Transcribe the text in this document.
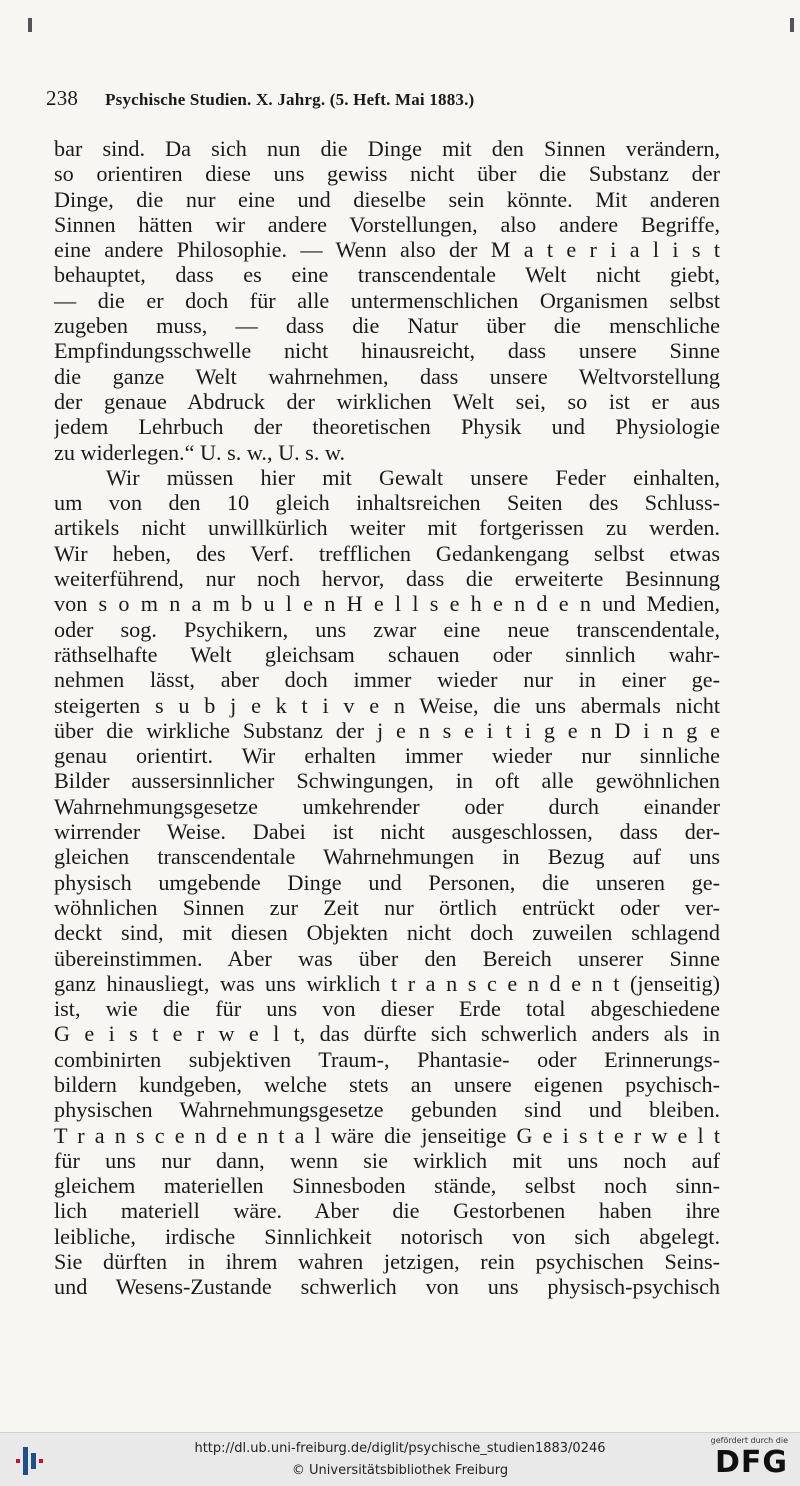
238 Psychische Studien. X. Jahrg. (5. Heft. Mai 1883.)
bar sind. Da sich nun die Dinge mit den Sinnen verändern,
so orientiren diese uns gewiss nicht über die Substanz der
Dinge, die nur eine und dieselbe sein könnte. Mit anderen
Sinnen hätten wir andere Vorstellungen, also andere Begriffe,
eine andere Philosophie. — Wenn also der M a t e r i a l i s t
behauptet, dass es eine transcendentale Welt nicht giebt,
— die er doch für alle untermenschlichen Organismen selbst
zugeben muss, — dass die Natur über die menschliche
Empfindungsschwelle nicht hinausreicht, dass unsere Sinne
die ganze Welt wahrnehmen, dass unsere Weltvorstellung
der genaue Abdruck der wirklichen Welt sei, so ist er aus
jedem Lehrbuch der theoretischen Physik und Physiologie
zu widerlegen.“ U. s. w., U. s. w.
Wir müssen hier mit Gewalt unsere Feder einhalten,
um von den 10 gleich inhaltsreichen Seiten des Schluss-
artikels nicht unwillkürlich weiter mit fortgerissen zu werden.
Wir heben, des Verf. trefflichen Gedankengang selbst etwas
weiterführend, nur noch hervor, dass die erweiterte Besinnung
von s o m n a m b u l e n H e l l s e h e n d e n und Medien,
oder sog. Psychikern, uns zwar eine neue transcendentale,
räthselhafte Welt gleichsam schauen oder sinnlich wahr-
nehmen lässt, aber doch immer wieder nur in einer ge-
steigerten s u b j e k t i v e n Weise, die uns abermals nicht
über die wirkliche Substanz der j e n s e i t i g e n D i n g e
genau orientirt. Wir erhalten immer wieder nur sinnliche
Bilder aussersinnlicher Schwingungen, in oft alle gewöhnlichen
Wahrnehmungsgesetze umkehrender oder durch einander
wirrender Weise. Dabei ist nicht ausgeschlossen, dass der-
gleichen transcendentale Wahrnehmungen in Bezug auf uns
physisch umgebende Dinge und Personen, die unseren ge-
wöhnlichen Sinnen zur Zeit nur örtlich entrückt oder ver-
deckt sind, mit diesen Objekten nicht doch zuweilen schlagend
übereinstimmen. Aber was über den Bereich unserer Sinne
ganz hinausliegt, was uns wirklich t r a n s c e n d e n t (jenseitig)
ist, wie die für uns von dieser Erde total abgeschiedene
G e i s t e r w e l t, das dürfte sich schwerlich anders als in
combinirten subjektiven Traum-, Phantasie- oder Erinnerungs-
bildern kundgeben, welche stets an unsere eigenen psychisch-
physischen Wahrnehmungsgesetze gebunden sind und bleiben.
T r a n s c e n d e n t a l wäre die jenseitige G e i s t e r w e l t
für uns nur dann, wenn sie wirklich mit uns noch auf
gleichem materiellen Sinnesboden stände, selbst noch sinn-
lich materiell wäre. Aber die Gestorbenen haben ihre
leibliche, irdische Sinnlichkeit notorisch von sich abgelegt.
Sie dürften in ihrem wahren jetzigen, rein psychischen Seins-
und Wesens-Zustande schwerlich von uns physisch-psychisch
http://dl.ub.uni-freiburg.de/diglit/psychische_studien1883/0246
© Universitätsbibliothek Freiburg
gefördert durch die
DFG
